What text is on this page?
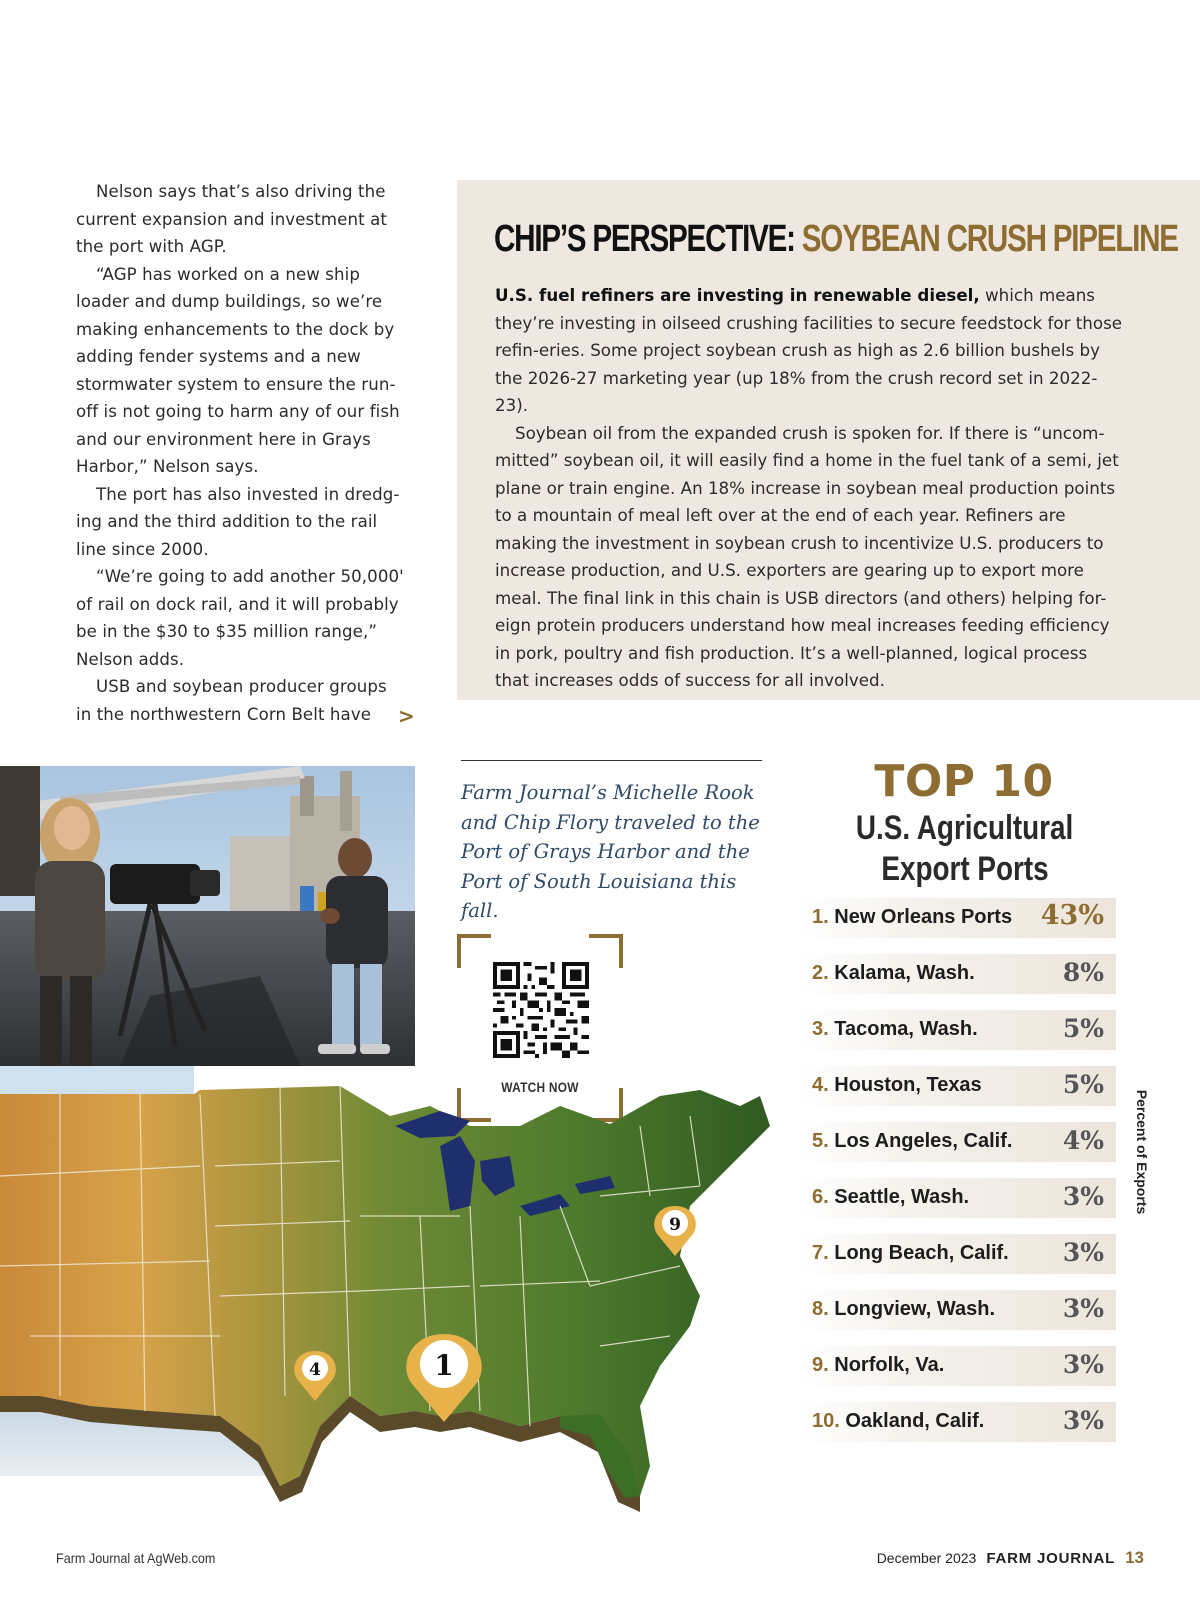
Nelson says that’s also driving the current expansion and investment at the port with AGP.

“AGP has worked on a new ship loader and dump buildings, so we’re making enhancements to the dock by adding fender systems and a new stormwater system to ensure the run-off is not going to harm any of our fish and our environment here in Grays Harbor,” Nelson says.

The port has also invested in dredg-ing and the third addition to the rail line since 2000.

“We’re going to add another 50,000' of rail on dock rail, and it will probably be in the $30 to $35 million range,” Nelson adds.

USB and soybean producer groups in the northwestern Corn Belt have	>
CHIP’S PERSPECTIVE: SOYBEAN CRUSH PIPELINE

U.S. fuel refiners are investing in renewable diesel, which means they’re investing in oilseed crushing facilities to secure feedstock for those refin-eries. Some project soybean crush as high as 2.6 billion bushels by the 2026-27 marketing year (up 18% from the crush record set in 2022-23).

Soybean oil from the expanded crush is spoken for. If there is “uncom-mitted” soybean oil, it will easily find a home in the fuel tank of a semi, jet plane or train engine. An 18% increase in soybean meal production points to a mountain of meal left over at the end of each year. Refiners are making the investment in soybean crush to incentivize U.S. producers to increase production, and U.S. exporters are gearing up to export more meal. The final link in this chain is USB directors (and others) helping for-eign protein producers understand how meal increases feeding efficiency in pork, poultry and fish production. It’s a well-planned, logical process that increases odds of success for all involved.

Farm Journal’s Michelle Rook and Chip Flory traveled to the Port of Grays Harbor and the Port of South Louisiana this fall.
WATCH NOW
1
4
9
TOP 10
U.S. Agricultural
Export Ports
1. New Orleans Ports 43%
2. Kalama, Wash.	8%
3. Tacoma, Wash.	5%
4. Houston, Texas	5%
5. Los Angeles, Calif. 4%
6. Seattle, Wash.	3%
7. Long Beach, Calif. 3%
8. Longview, Wash.	3%
9. Norfolk, Va.	3%
10. Oakland, Calif.	3%
Percent of Exports
Farm Journal at AgWeb.com	December 2023 FARM JOURNAL 13
